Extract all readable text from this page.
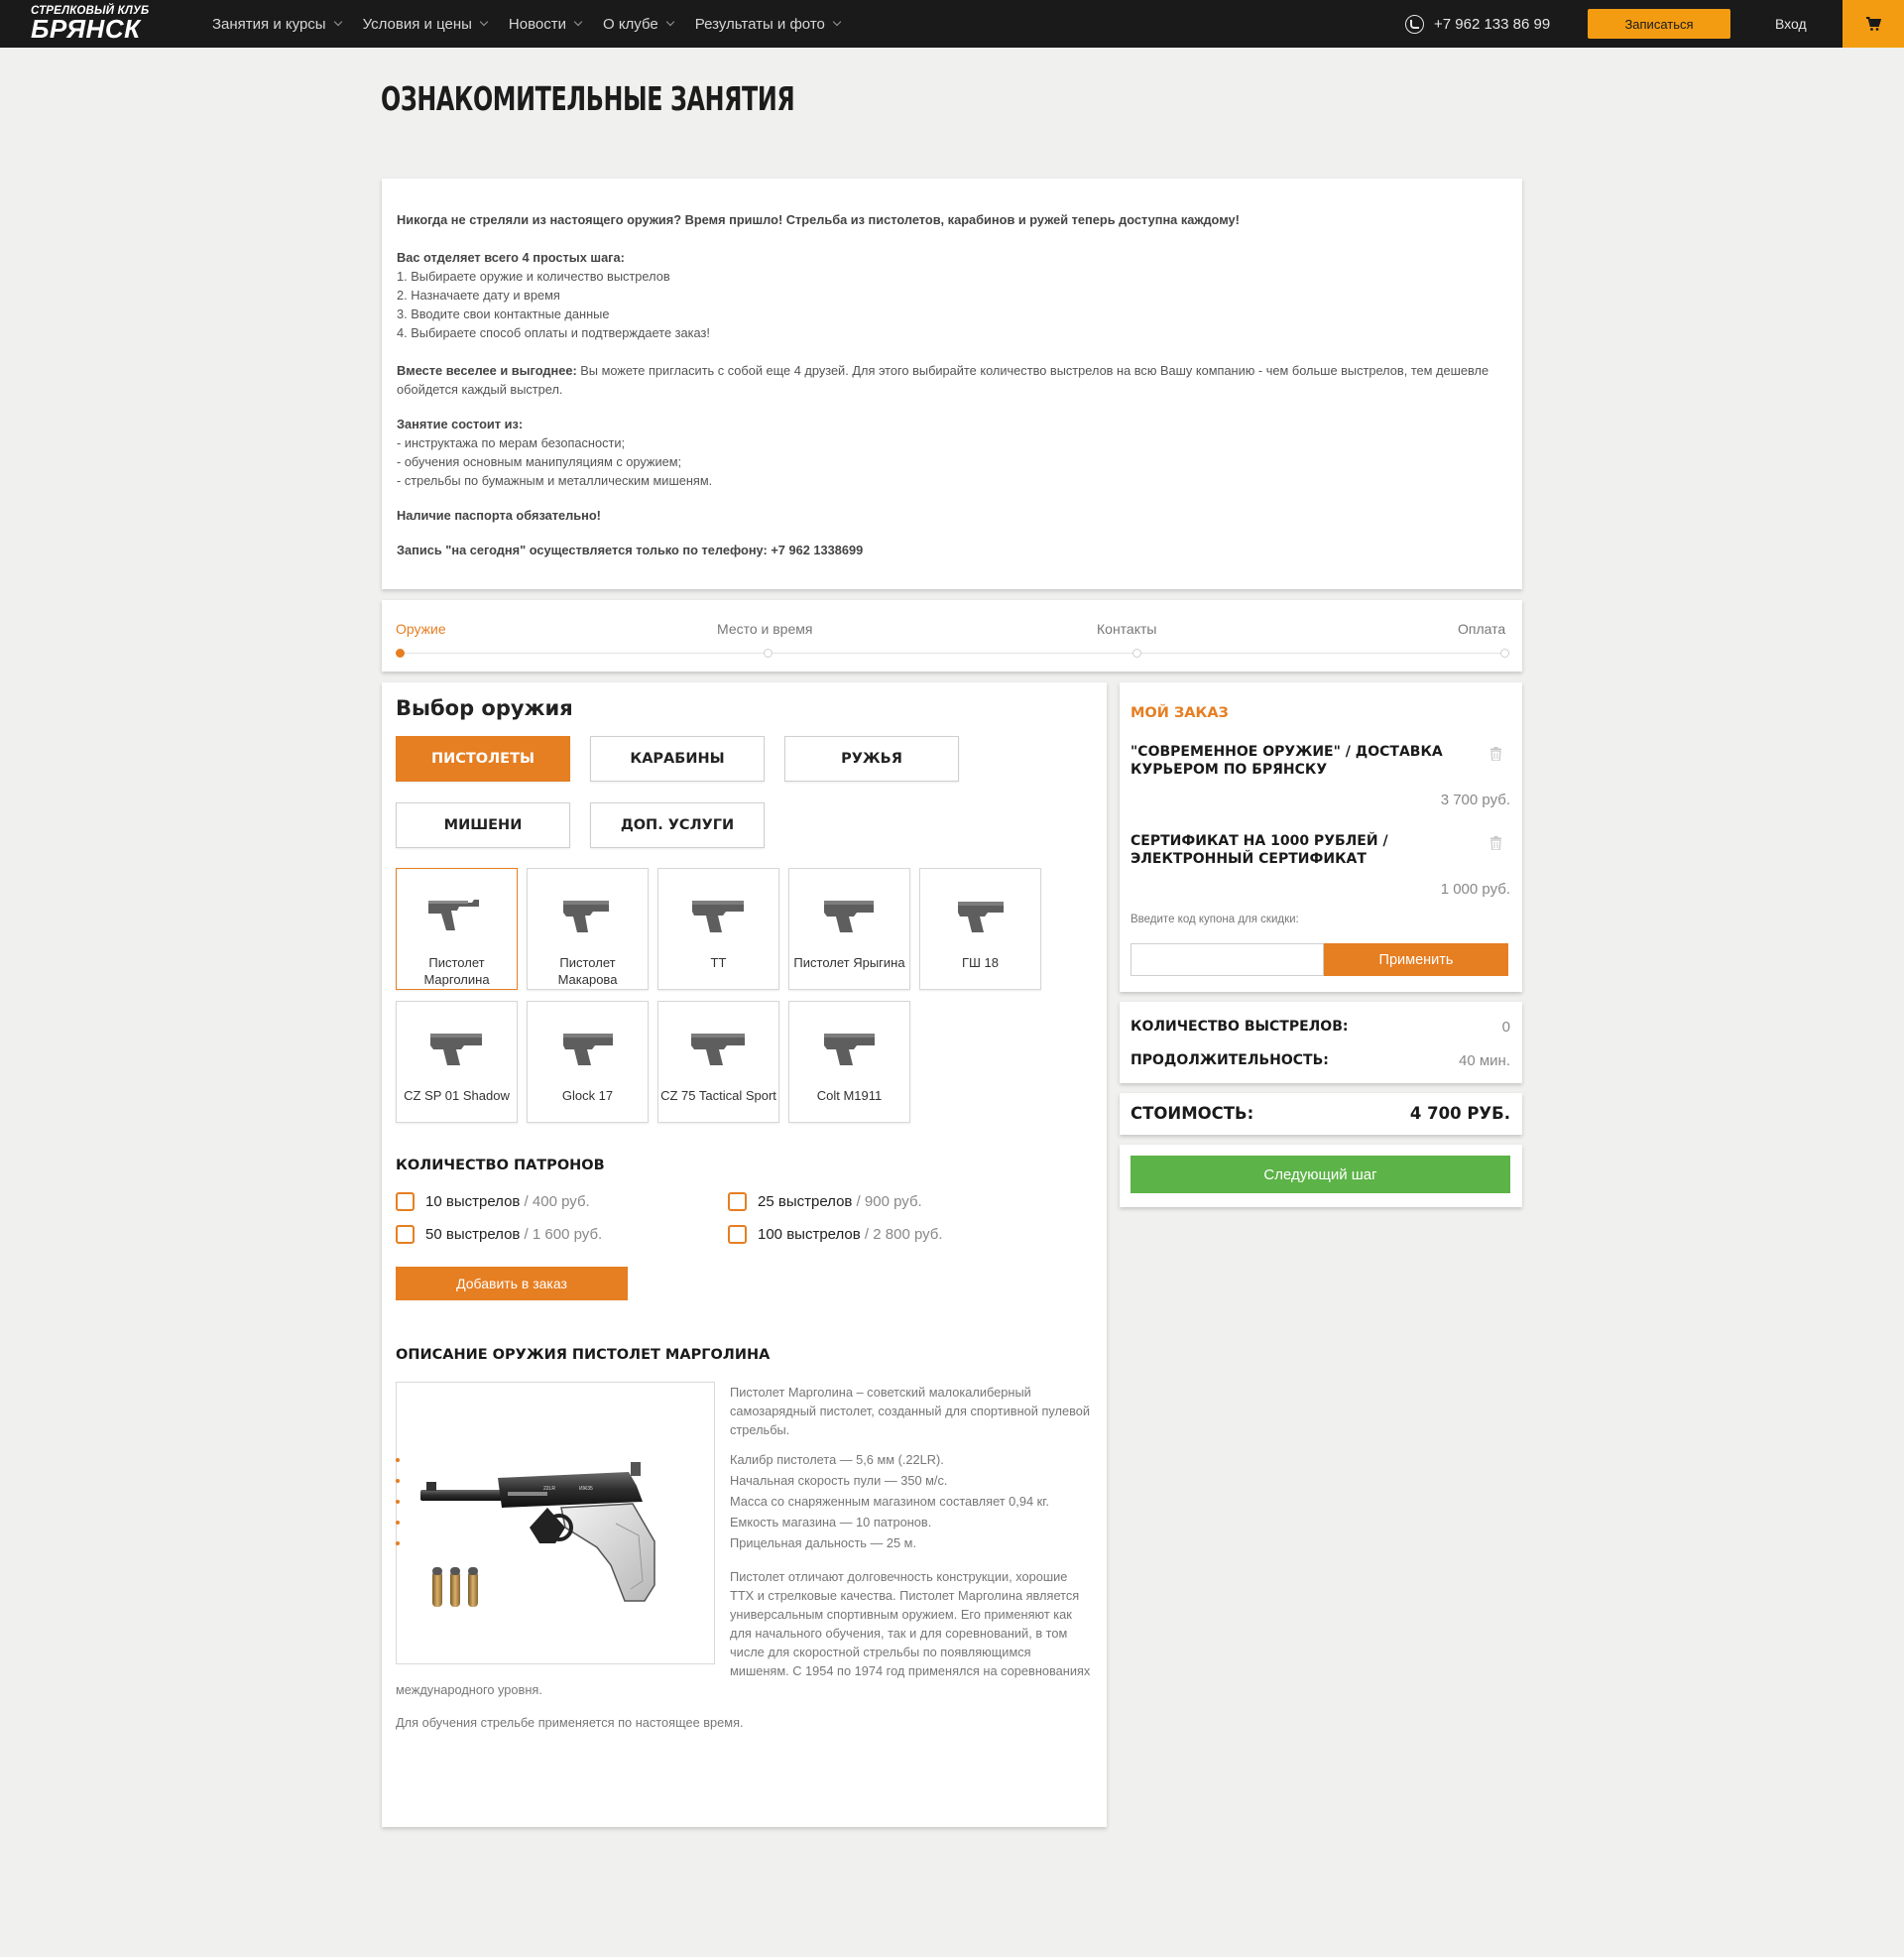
СТРЕЛКОВЫЙ КЛУБ
БРЯНСК	Занятия и курсы Условия и цены Новости О клубе Результаты и фото	+7 962 133 86 99	Записаться	Вход
ОЗНАКОМИТЕЛЬНЫЕ ЗАНЯТИЯ

Никогда не стреляли из настоящего оружия? Время пришло! Стрельба из пистолетов, карабинов и ружей теперь доступна каждому!

Вас отделяет всего 4 простых шага:

1. Выбираете оружие и количество выстрелов

2. Назначаете дату и время

3. Вводите свои контактные данные

4. Выбираете способ оплаты и подтверждаете заказ!

Вместе веселее и выгоднее: Вы можете пригласить с собой еще 4 друзей. Для этого выбирайте количество выстрелов на всю Вашу компанию - чем больше выстрелов, тем дешевле обойдется каждый выстрел.

Занятие состоит из:

- инструктажа по мерам безопасности;

- обучения основным манипуляциям с оружием;

- стрельбы по бумажным и металлическим мишеням.

Наличие паспорта обязательно!

Запись "на сегодня" осуществляется только по телефону: +7 962 1338699

Оружие	Место и время	Контакты	Оплата
Выбор оружия
ПИСТОЛЕТЫ	КАРАБИНЫ	РУЖЬЯ
МИШЕНИ	ДОП. УСЛУГИ
Пистолет Марголина
Пистолет Макарова
ТТ	Пистолет Ярыгина	ГШ 18
CZ SP 01 Shadow	Glock 17	CZ 75 Tactical Sport	Colt M1911
КОЛИЧЕСТВО ПАТРОНОВ
10 выстрелов / 400 руб.	25 выстрелов / 900 руб.
50 выстрелов / 1 600 руб.	100 выстрелов / 2 800 руб.
Добавить в заказ
ОПИСАНИЕ ОРУЖИЯ ПИСТОЛЕТ МАРГОЛИНА
22LR	ИЖ35

Пистолет Марголина – советский малокалиберный самозарядный пистолет, созданный для спортивной пулевой стрельбы.

Калибр пистолета — 5,6 мм (.22LR).
Начальная скорость пули — 350 м/с.
Масса со снаряженным магазином составляет 0,94 кг.
Емкость магазина — 10 патронов.
Прицельная дальность — 25 м.

Пистолет отличают долговечность конструкции, хорошие ТТХ и стрелковые качества. Пистолет Марголина является универсальным спортивным оружием. Его применяют как для начального обучения, так и для соревнований, в том числе для скоростной стрельбы по появляющимся мишеням. С 1954 по 1974 год применялся на соревнованиях международного уровня.

Для обучения стрельбе применяется по настоящее время.

МОЙ ЗАКАЗ
"СОВРЕМЕННОЕ ОРУЖИЕ" / ДОСТАВКА КУРЬЕРОМ ПО БРЯНСКУ
3 700 руб.
СЕРТИФИКАТ НА 1000 РУБЛЕЙ / ЭЛЕКТРОННЫЙ СЕРТИФИКАТ
1 000 руб.
Введите код купона для скидки:
Применить
КОЛИЧЕСТВО ВЫСТРЕЛОВ:	0
ПРОДОЛЖИТЕЛЬНОСТЬ:	40 мин.
СТОИМОСТЬ:	4 700 РУБ.
Следующий шаг
